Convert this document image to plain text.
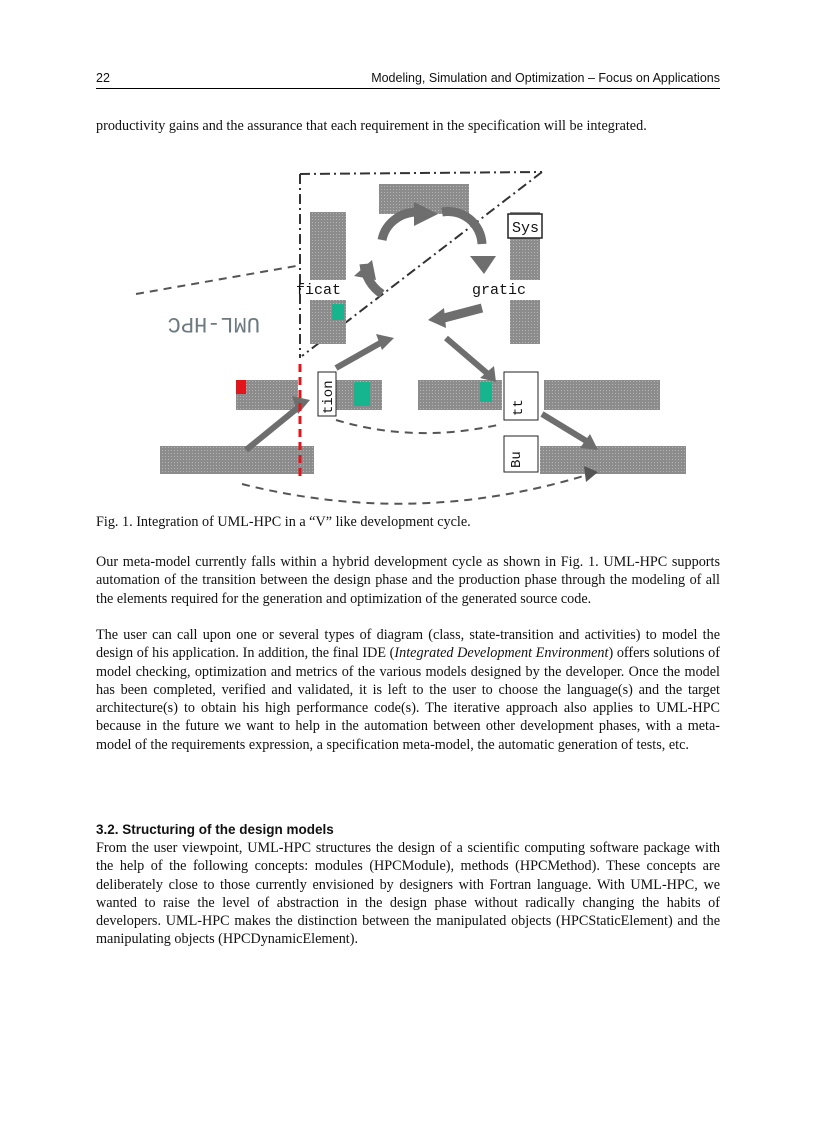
22	Modeling, Simulation and Optimization – Focus on Applications

productivity gains and the assurance that each requirement in the specification will be integrated.

Sys
tion	tt
Bu
ficat	gratic
UML-HPC
Fig. 1. Integration of UML-HPC in a “V” like development cycle.

Our meta-model currently falls within a hybrid development cycle as shown in Fig. 1. UML-HPC supports automation of the transition between the design phase and the production phase through the modeling of all the elements required for the generation and optimization of the generated source code.

The user can call upon one or several types of diagram (class, state-transition and activities) to model the design of his application. In addition, the final IDE (Integrated Development Environment) offers solutions of model checking, optimization and metrics of the various models designed by the developer. Once the model has been completed, verified and validated, it is left to the user to choose the language(s) and the target architecture(s) to obtain his high performance code(s). The iterative approach also applies to UML-HPC because in the future we want to help in the automation between other development phases, with a meta-model of the requirements expression, a specification meta-model, the automatic generation of tests, etc.

3.2. Structuring of the design models

From the user viewpoint, UML-HPC structures the design of a scientific computing software package with the help of the following concepts: modules (HPCModule), methods (HPCMethod). These concepts are deliberately close to those currently envisioned by designers with Fortran language. With UML-HPC, we wanted to raise the level of abstraction in the design phase without radically changing the habits of developers. UML-HPC makes the distinction between the manipulated objects (HPCStaticElement) and the manipulating objects (HPCDynamicElement).
